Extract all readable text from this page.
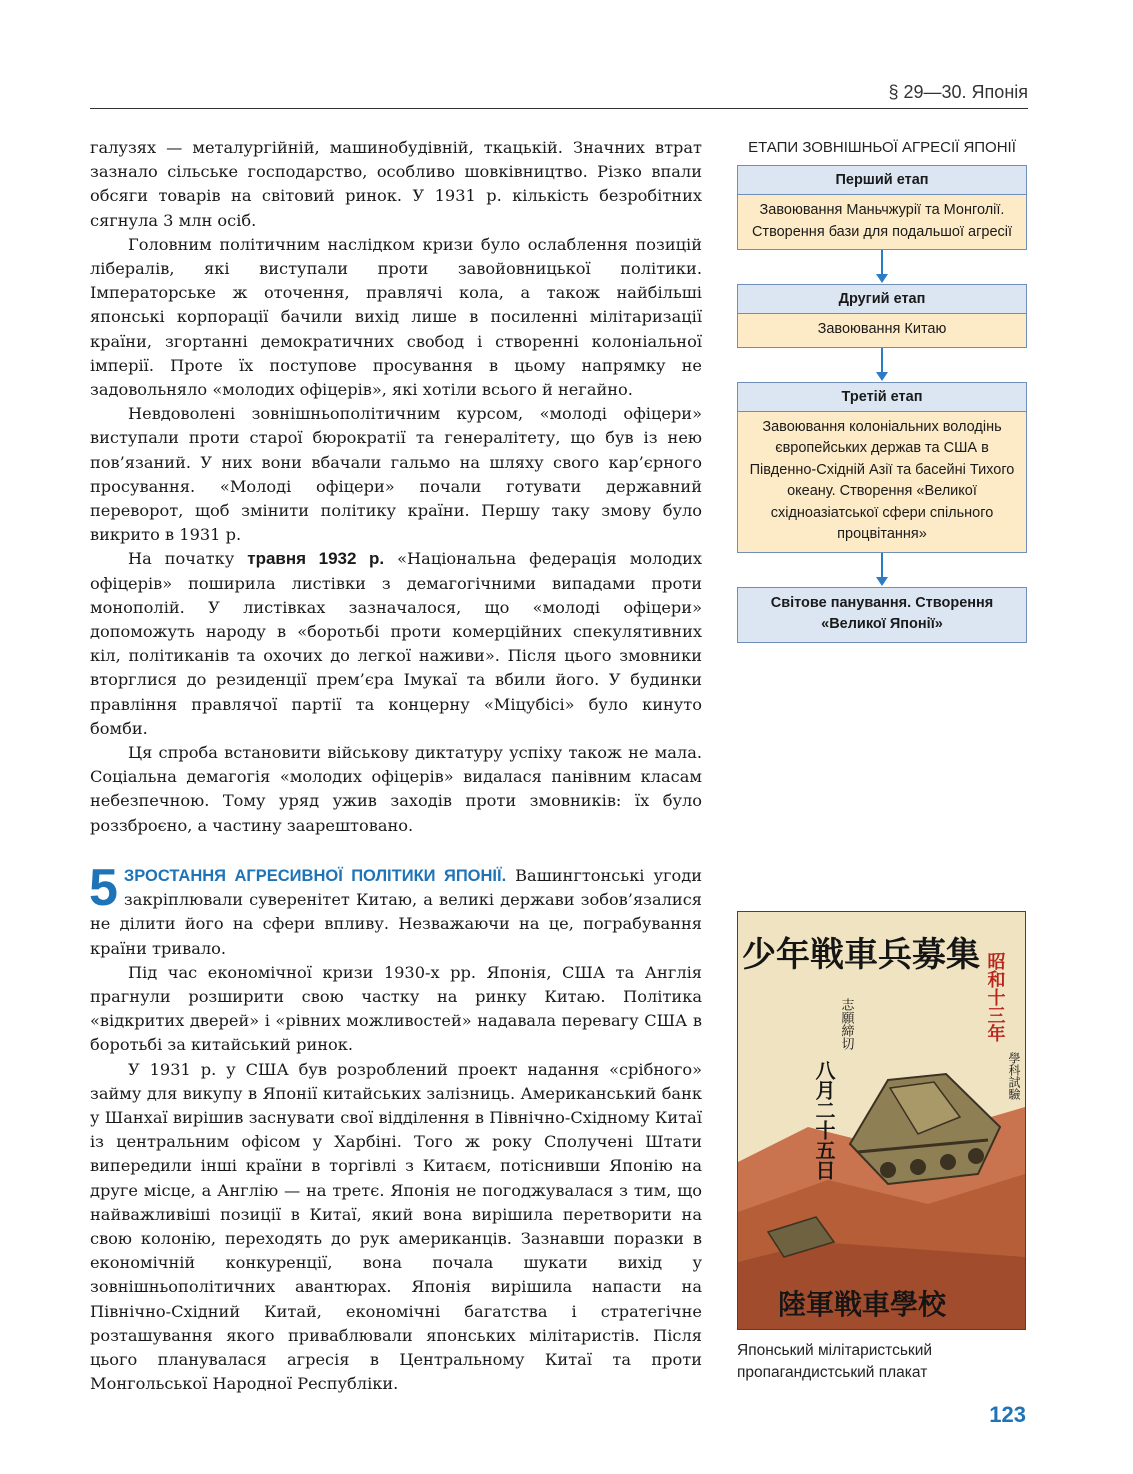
§ 29—30. Японія

галузях — металургійній, машинобудівній, ткацькій. Значних втрат зазнало сільське господарство, особливо шовківництво. Різко впали обсяги товарів на світовий ринок. У 1931 р. кількість безробітних сягнула 3 млн осіб.

Головним політичним наслідком кризи було ослаблення позицій лібералів, які виступали проти завойовницької політики. Імператорське ж оточення, правлячі кола, а також найбільші японські корпорації бачили вихід лише в посиленні мілітаризації країни, згортанні демократичних свобод і створенні колоніальної імперії. Проте їх поступове просування в цьому напрямку не задовольняло «молодих офіцерів», які хотіли всього й негайно.

Невдоволені зовнішньополітичним курсом, «молоді офіцери» виступали проти старої бюрократії та генералітету, що був із нею пов’язаний. У них вони вбачали гальмо на шляху свого кар’єрного просування. «Молоді офіцери» почали готувати державний переворот, щоб змінити політику країни. Першу таку змову було викрито в 1931 р.

На початку травня 1932 р. «Національна федерація молодих офіцерів» поширила листівки з демагогічними випадами проти монополій. У листівках зазначалося, що «молоді офіцери» допоможуть народу в «боротьбі проти комерційних спекулятивних кіл, політиканів та охочих до легкої наживи». Після цього змовники вторглися до резиденції прем’єра Імукаї та вбили його. У будинки правління правлячої партії та концерну «Міцубісі» було кинуто бомби.

Ця спроба встановити військову диктатуру успіху також не мала. Соціальна демагогія «молодих офіцерів» видалася панівним класам небезпечною. Тому уряд ужив заходів проти змовників: їх було роззброєно, а частину заарештовано.

5 ЗРОСТАННЯ АГРЕСИВНОЇ ПОЛІТИКИ ЯПОНІЇ. Вашингтонські угоди закріплювали суверенітет Китаю, а великі держави зобов’язалися не ділити його на сфери впливу. Незважаючи на це, пограбування країни тривало.

Під час економічної кризи 1930-х рр. Японія, США та Англія прагнули розширити свою частку на ринку Китаю. Політика «відкритих дверей» і «рівних можливостей» надавала перевагу США в боротьбі за китайський ринок.

У 1931 р. у США був розроблений проект надання «срібного» займу для викупу в Японії китайських залізниць. Американський банк у Шанхаї вирішив заснувати свої відділення в Північно-Східному Китаї із центральним офісом у Харбіні. Того ж року Сполучені Штати випередили інші країни в торгівлі з Китаєм, потіснивши Японію на друге місце, а Англію — на третє. Японія не погоджувалася з тим, що найважливіші позиції в Китаї, який вона вирішила перетворити на свою колонію, переходять до рук американців. Зазнавши поразки в економічній конкуренції, вона почала шукати вихід у зовнішньополітичних авантюрах. Японія вирішила напасти на Північно-Східний Китай, економічні багатства і стратегічне розташування якого приваблювали японських мілітаристів. Після цього планувалася агресія в Центральному Китаї та проти Монгольської Народної Республіки.

ЕТАПИ ЗОВНІШНЬОЇ АГРЕСІЇ ЯПОНІЇ
Перший етап
Завоювання Маньчжурії та Монголії. Створення бази для подальшої агресії
Другий етап
Завоювання Китаю
Третій етап
Завоювання колоніальних володінь європейських держав та США в Південно-Східній Азії та басейні Тихого океану. Створення «Великої східноазіатської сфери спільного процвітання»
Світове панування. Створення «Великої Японії»
少年戦車兵募集 昭和十三年
學科試驗
志願締切
八月二十五日
陸軍戦車學校
Японський мілітаристський пропагандистський плакат
123
